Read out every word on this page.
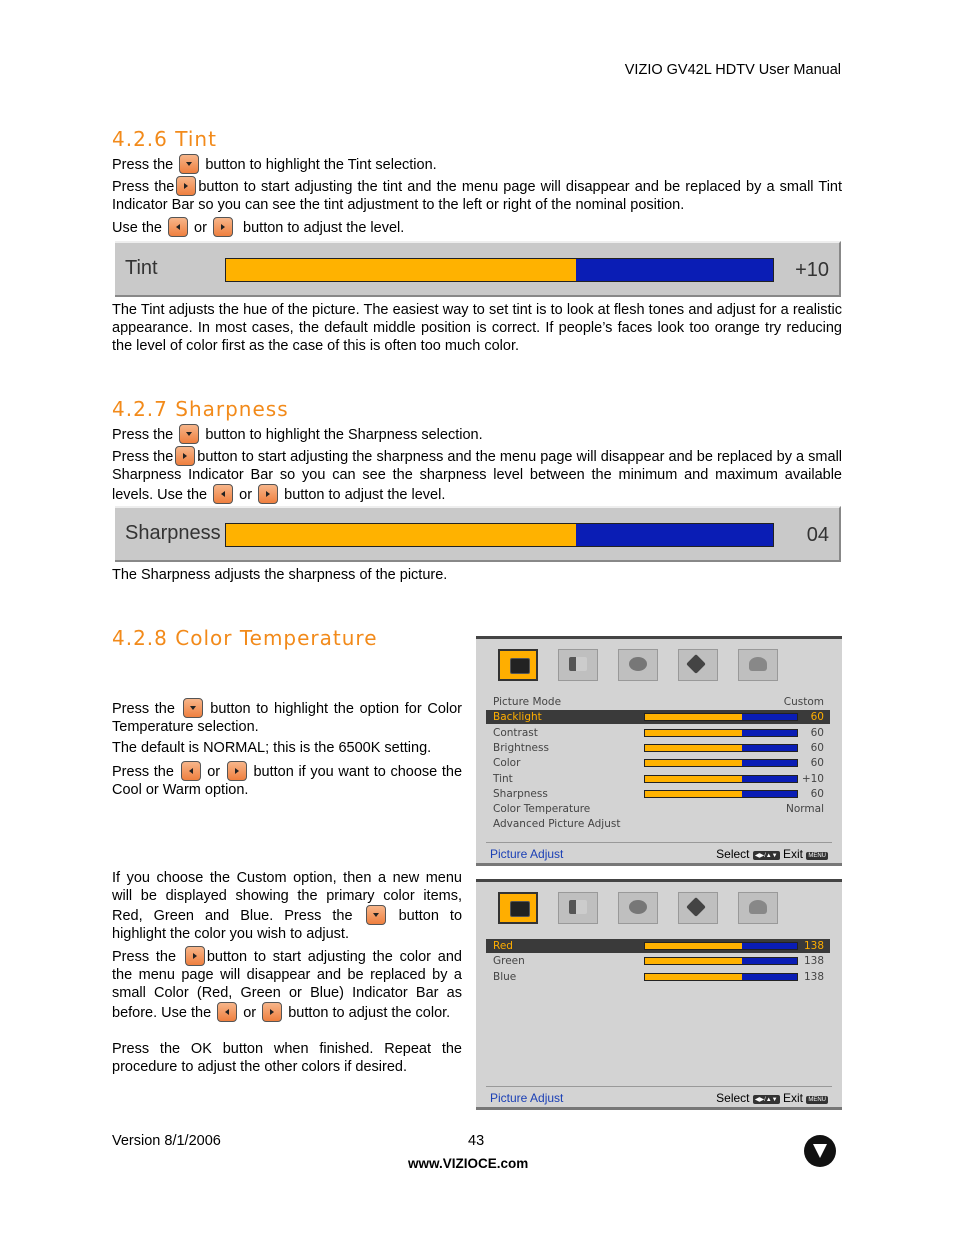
VIZIO GV42L HDTV User Manual
4.2.6 Tint

Press the button to highlight the Tint selection.

Press the button to start adjusting the tint and the menu page will disappear and be replaced by a small Tint Indicator Bar so you can see the tint adjustment to the left or right of the nominal position.

Use the or button to adjust the level.

Tint	+10

The Tint adjusts the hue of the picture. The easiest way to set tint is to look at flesh tones and adjust for a realistic appearance. In most cases, the default middle position is correct. If people’s faces look too orange try reducing the level of color first as the case of this is often too much color.

4.2.7 Sharpness

Press the button to highlight the Sharpness selection.

Press the button to start adjusting the sharpness and the menu page will disappear and be replaced by a small Sharpness Indicator Bar so you can see the sharpness level between the minimum and maximum available levels. Use the or button to adjust the level.

Sharpness	04

The Sharpness adjusts the sharpness of the picture.

4.2.8 Color Temperature

Press the button to highlight the option for Color Temperature selection.

The default is NORMAL; this is the 6500K setting.

Press the or button if you want to choose the Cool or Warm option.

If you choose the Custom option, then a new menu will be displayed showing the primary color items, Red, Green and Blue. Press the	button to highlight the color you wish to adjust.

Press the button to start adjusting the color and the menu page will disappear and be replaced by a small Color (Red, Green or Blue) Indicator Bar as before. Use the or button to adjust the color.

Press the OK button when finished. Repeat the procedure to adjust the other colors if desired.

Picture Mode	Custom
Backlight	60
Contrast	60
Brightness	60
Color	60
Tint	+10
Sharpness	60
Color Temperature	Normal
Advanced Picture Adjust
Picture Adjust	Select ◀▶/▲▼ Exit MENU
Red	138
Green	138
Blue	138
Picture Adjust	Select ◀▶/▲▼ Exit MENU
Version 8/1/2006	43
www.VIZIOCE.com
